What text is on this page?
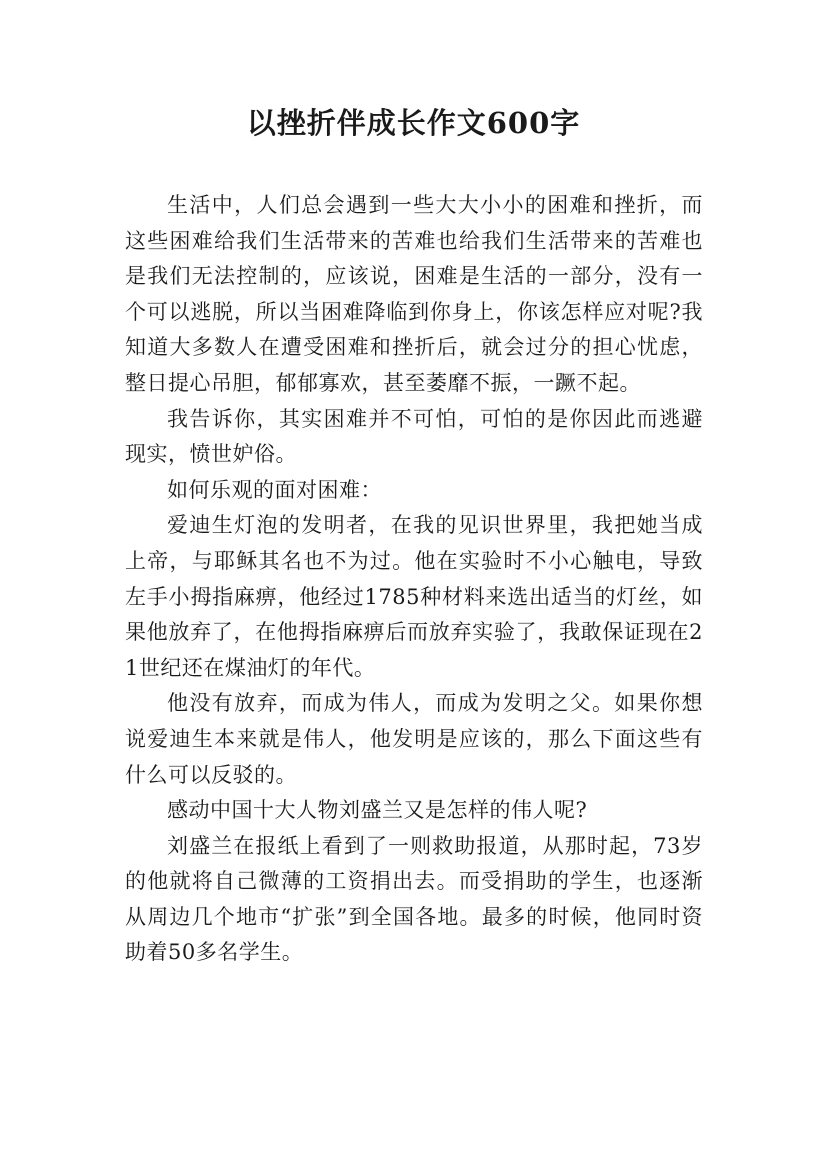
以挫折伴成长作文600字

生活中，人们总会遇到一些大大小小的困难和挫折，而这些困难给我们生活带来的苦难也给我们生活带来的苦难也是我们无法控制的，应该说，困难是生活的一部分，没有一个可以逃脱，所以当困难降临到你身上，你该怎样应对呢?我知道大多数人在遭受困难和挫折后，就会过分的担心忧虑，整日提心吊胆，郁郁寡欢，甚至萎靡不振，一蹶不起。

我告诉你，其实困难并不可怕，可怕的是你因此而逃避现实，愤世妒俗。

如何乐观的面对困难：

爱迪生灯泡的发明者，在我的见识世界里，我把她当成上帝，与耶稣其名也不为过。他在实验时不小心触电，导致左手小拇指麻痹，他经过1785种材料来选出适当的灯丝，如果他放弃了，在他拇指麻痹后而放弃实验了，我敢保证现在21世纪还在煤油灯的年代。

他没有放弃，而成为伟人，而成为发明之父。如果你想说爱迪生本来就是伟人，他发明是应该的，那么下面这些有什么可以反驳的。

感动中国十大人物刘盛兰又是怎样的伟人呢?

刘盛兰在报纸上看到了一则救助报道，从那时起，73岁的他就将自己微薄的工资捐出去。而受捐助的学生，也逐渐从周边几个地市“扩张”到全国各地。最多的时候，他同时资助着50多名学生。
